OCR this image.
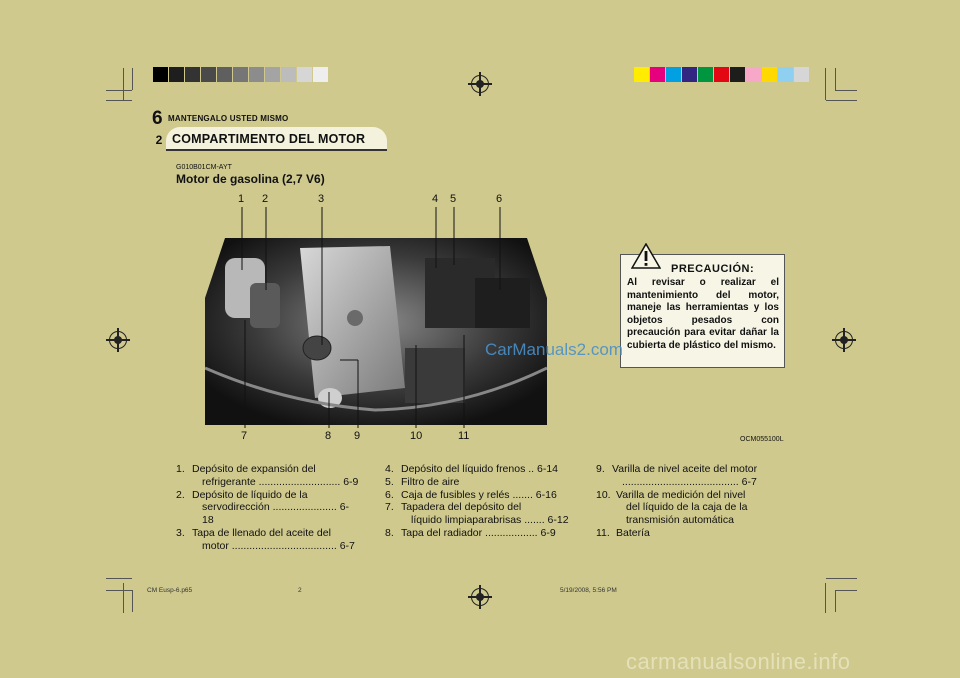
6 MANTENGALO USTED MISMO
2 COMPARTIMENTO DEL MOTOR
G010B01CM-AYT
Motor de gasolina (2,7 V6)
1 2	3	4 5	6
7	8 9	10	11
PRECAUCIÓN:
Al revisar o realizar el mantenimiento del motor, maneje las herramientas y los objetos pesados con precaución para evitar dañar la cubierta de plástico del mismo.
CarManuals2.com
OCM055100L
1. Depósito de expansión del
refrigerante ............................ 6-9
2. Depósito de líquido de la
servodirección ...................... 6-18
3. Tapa de llenado del aceite del
motor .................................... 6-7
4. Depósito del líquido frenos .. 6-14
5. Filtro de aire
6. Caja de fusibles y relés ....... 6-16
7. Tapadera del depósito del
líquido limpiaparabrisas ....... 6-12
8. Tapa del radiador .................. 6-9
9. Varilla de nivel aceite del motor
........................................ 6-7
10. Varilla de medición del nivel
del líquido de la caja de la
transmisión automática
11. Batería
CM Eusp-6.p65	2	5/19/2008, 5:56 PM
carmanualsonline.info
